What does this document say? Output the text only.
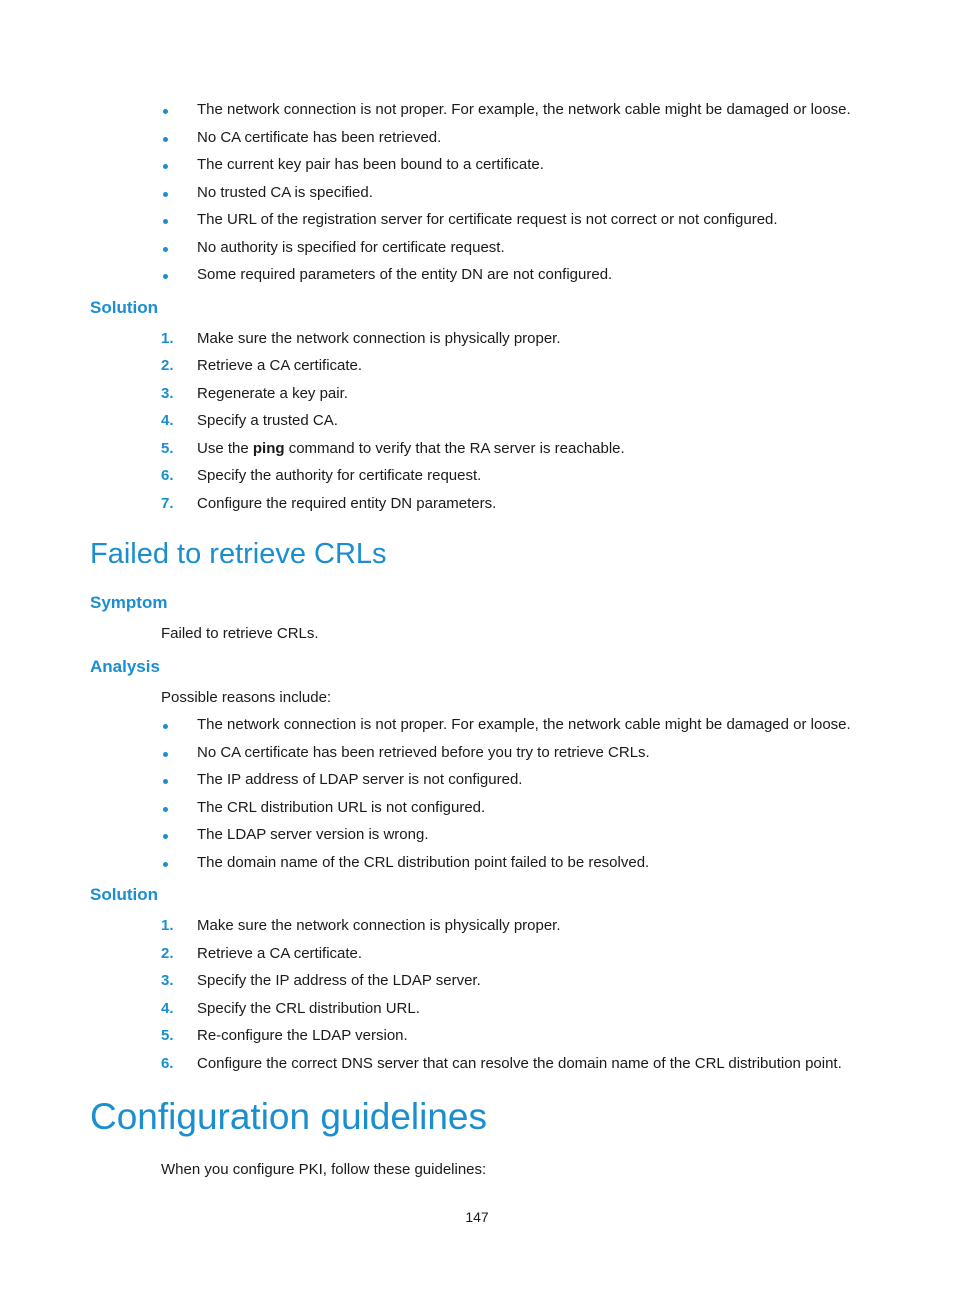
The network connection is not proper. For example, the network cable might be damaged or loose.
No CA certificate has been retrieved.
The current key pair has been bound to a certificate.
No trusted CA is specified.
The URL of the registration server for certificate request is not correct or not configured.
No authority is specified for certificate request.
Some required parameters of the entity DN are not configured.
Solution
1. Make sure the network connection is physically proper.
2. Retrieve a CA certificate.
3. Regenerate a key pair.
4. Specify a trusted CA.
5. Use the ping command to verify that the RA server is reachable.
6. Specify the authority for certificate request.
7. Configure the required entity DN parameters.
Failed to retrieve CRLs
Symptom
Failed to retrieve CRLs.
Analysis
Possible reasons include:
The network connection is not proper. For example, the network cable might be damaged or loose.
No CA certificate has been retrieved before you try to retrieve CRLs.
The IP address of LDAP server is not configured.
The CRL distribution URL is not configured.
The LDAP server version is wrong.
The domain name of the CRL distribution point failed to be resolved.
Solution
1. Make sure the network connection is physically proper.
2. Retrieve a CA certificate.
3. Specify the IP address of the LDAP server.
4. Specify the CRL distribution URL.
5. Re-configure the LDAP version.
6. Configure the correct DNS server that can resolve the domain name of the CRL distribution point.
Configuration guidelines
When you configure PKI, follow these guidelines:
147
